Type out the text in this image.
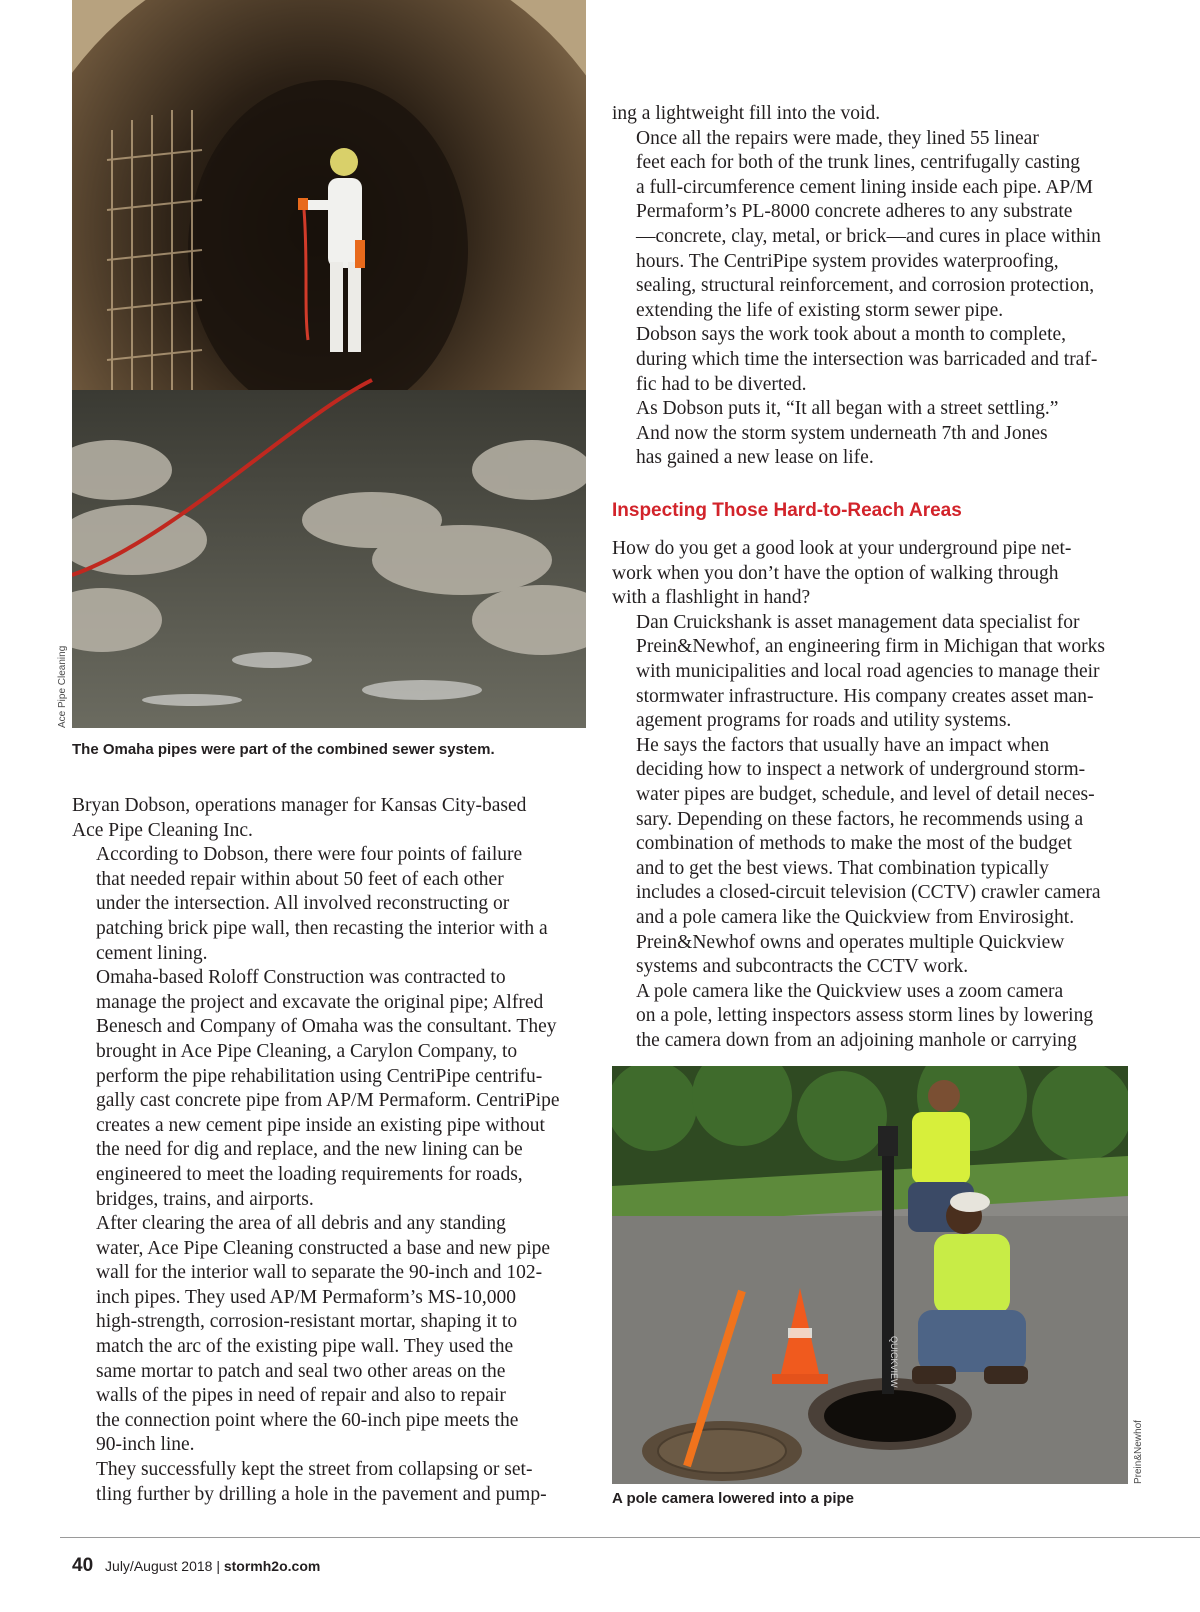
Ace Pipe Cleaning
The Omaha pipes were part of the combined sewer system.

Bryan Dobson, operations manager for Kansas City-based
Ace Pipe Cleaning Inc.

According to Dobson, there were four points of failure
that needed repair within about 50 feet of each other
under the intersection. All involved reconstructing or
patching brick pipe wall, then recasting the interior with a
cement lining.

Omaha-based Roloff Construction was contracted to
manage the project and excavate the original pipe; Alfred
Benesch and Company of Omaha was the consultant. They
brought in Ace Pipe Cleaning, a Carylon Company, to
perform the pipe rehabilitation using CentriPipe centrifu-
gally cast concrete pipe from AP/M Permaform. CentriPipe
creates a new cement pipe inside an existing pipe without
the need for dig and replace, and the new lining can be
engineered to meet the loading requirements for roads,
bridges, trains, and airports.

After clearing the area of all debris and any standing
water, Ace Pipe Cleaning constructed a base and new pipe
wall for the interior wall to separate the 90-inch and 102-
inch pipes. They used AP/M Permaform’s MS-10,000
high-strength, corrosion-resistant mortar, shaping it to
match the arc of the existing pipe wall. They used the
same mortar to patch and seal two other areas on the
walls of the pipes in need of repair and also to repair
the connection point where the 60-inch pipe meets the
90-inch line.

They successfully kept the street from collapsing or set-
tling further by drilling a hole in the pavement and pump-

ing a lightweight fill into the void.

Once all the repairs were made, they lined 55 linear
feet each for both of the trunk lines, centrifugally casting
a full-circumference cement lining inside each pipe. AP/M
Permaform’s PL-8000 concrete adheres to any substrate
—concrete, clay, metal, or brick—and cures in place within
hours. The CentriPipe system provides waterproofing,
sealing, structural reinforcement, and corrosion protection,
extending the life of existing storm sewer pipe.

Dobson says the work took about a month to complete,
during which time the intersection was barricaded and traf-
fic had to be diverted.

As Dobson puts it, “It all began with a street settling.”

And now the storm system underneath 7th and Jones
has gained a new lease on life.

Inspecting Those Hard-to-Reach Areas

How do you get a good look at your underground pipe net-
work when you don’t have the option of walking through
with a flashlight in hand?

Dan Cruickshank is asset management data specialist for
Prein&Newhof, an engineering firm in Michigan that works
with municipalities and local road agencies to manage their
stormwater infrastructure. His company creates asset man-
agement programs for roads and utility systems.

He says the factors that usually have an impact when
deciding how to inspect a network of underground storm-
water pipes are budget, schedule, and level of detail neces-
sary. Depending on these factors, he recommends using a
combination of methods to make the most of the budget
and to get the best views. That combination typically
includes a closed-circuit television (CCTV) crawler camera
and a pole camera like the Quickview from Envirosight.
Prein&Newhof owns and operates multiple Quickview
systems and subcontracts the CCTV work.

A pole camera like the Quickview uses a zoom camera
on a pole, letting inspectors assess storm lines by lowering
the camera down from an adjoining manhole or carrying

QUICKVIEW
Prein&Newhof
A pole camera lowered into a pipe
40 July/August 2018 | stormh2o.com
